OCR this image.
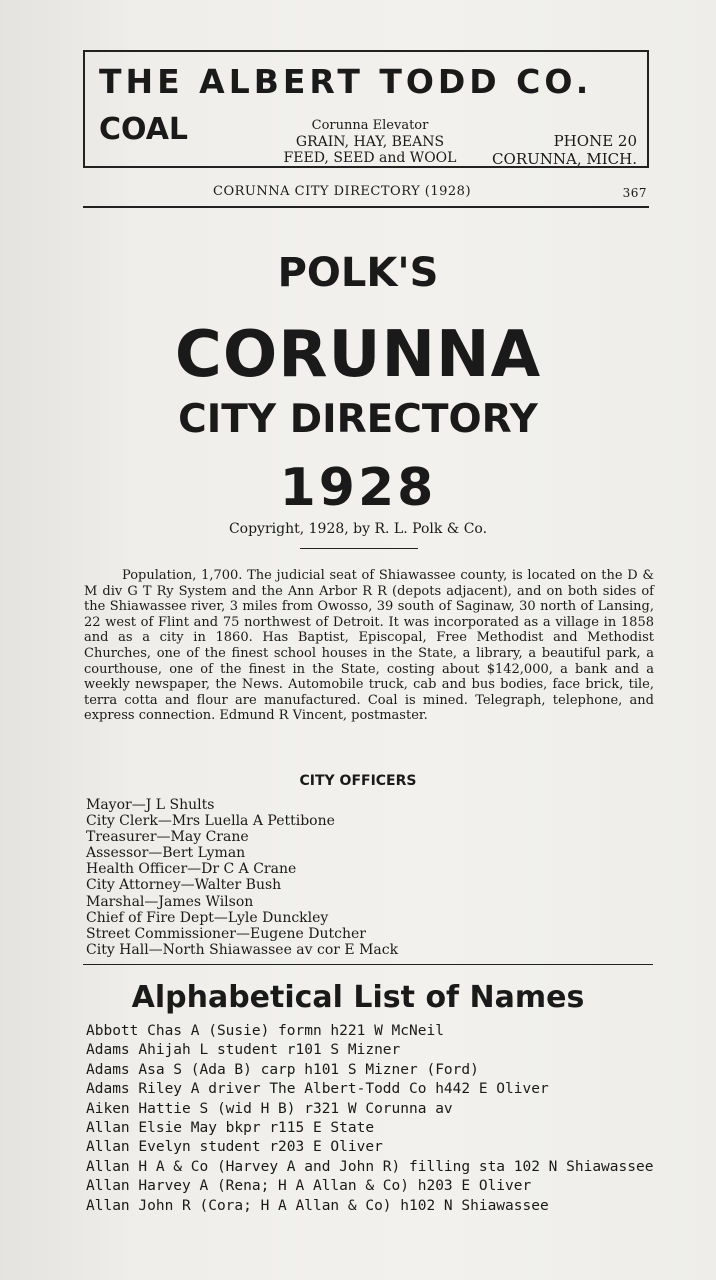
THE ALBERT TODD CO.
COAL	Corunna Elevator
GRAIN, HAY, BEANS
FEED, SEED and WOOL
PHONE 20
CORUNNA, MICH.
CORUNNA CITY DIRECTORY (1928)	367
POLK'S
CORUNNA
CITY DIRECTORY
1928
Copyright, 1928, by R. L. Polk & Co.
Population, 1,700. The judicial seat of Shiawassee county, is located on the D & M div G T Ry System and the Ann Arbor R R (depots adjacent), and on both sides of the Shiawassee river, 3 miles from Owosso, 39 south of Saginaw, 30 north of Lansing, 22 west of Flint and 75 northwest of Detroit. It was incorporated as a village in 1858 and as a city in 1860. Has Baptist, Episcopal, Free Methodist and Methodist Churches, one of the finest school houses in the State, a library, a beautiful park, a courthouse, one of the finest in the State, costing about $142,000, a bank and a weekly newspaper, the News. Automobile truck, cab and bus bodies, face brick, tile, terra cotta and flour are manufactured. Coal is mined. Telegraph, telephone, and express connection. Edmund R Vincent, postmaster.
CITY OFFICERS
Mayor—J L Shults
City Clerk—Mrs Luella A Pettibone
Treasurer—May Crane
Assessor—Bert Lyman
Health Officer—Dr C A Crane
City Attorney—Walter Bush
Marshal—James Wilson
Chief of Fire Dept—Lyle Dunckley
Street Commissioner—Eugene Dutcher
City Hall—North Shiawassee av cor E Mack
Alphabetical List of Names
Abbott Chas A (Susie) formn h221 W McNeil
Adams Ahijah L student r101 S Mizner
Adams Asa S (Ada B) carp h101 S Mizner (Ford)
Adams Riley A driver The Albert-Todd Co h442 E Oliver
Aiken Hattie S (wid H B) r321 W Corunna av
Allan Elsie May bkpr r115 E State
Allan Evelyn student r203 E Oliver
Allan H A & Co (Harvey A and John R) filling sta 102 N Shiawassee
Allan Harvey A (Rena; H A Allan & Co) h203 E Oliver
Allan John R (Cora; H A Allan & Co) h102 N Shiawassee
